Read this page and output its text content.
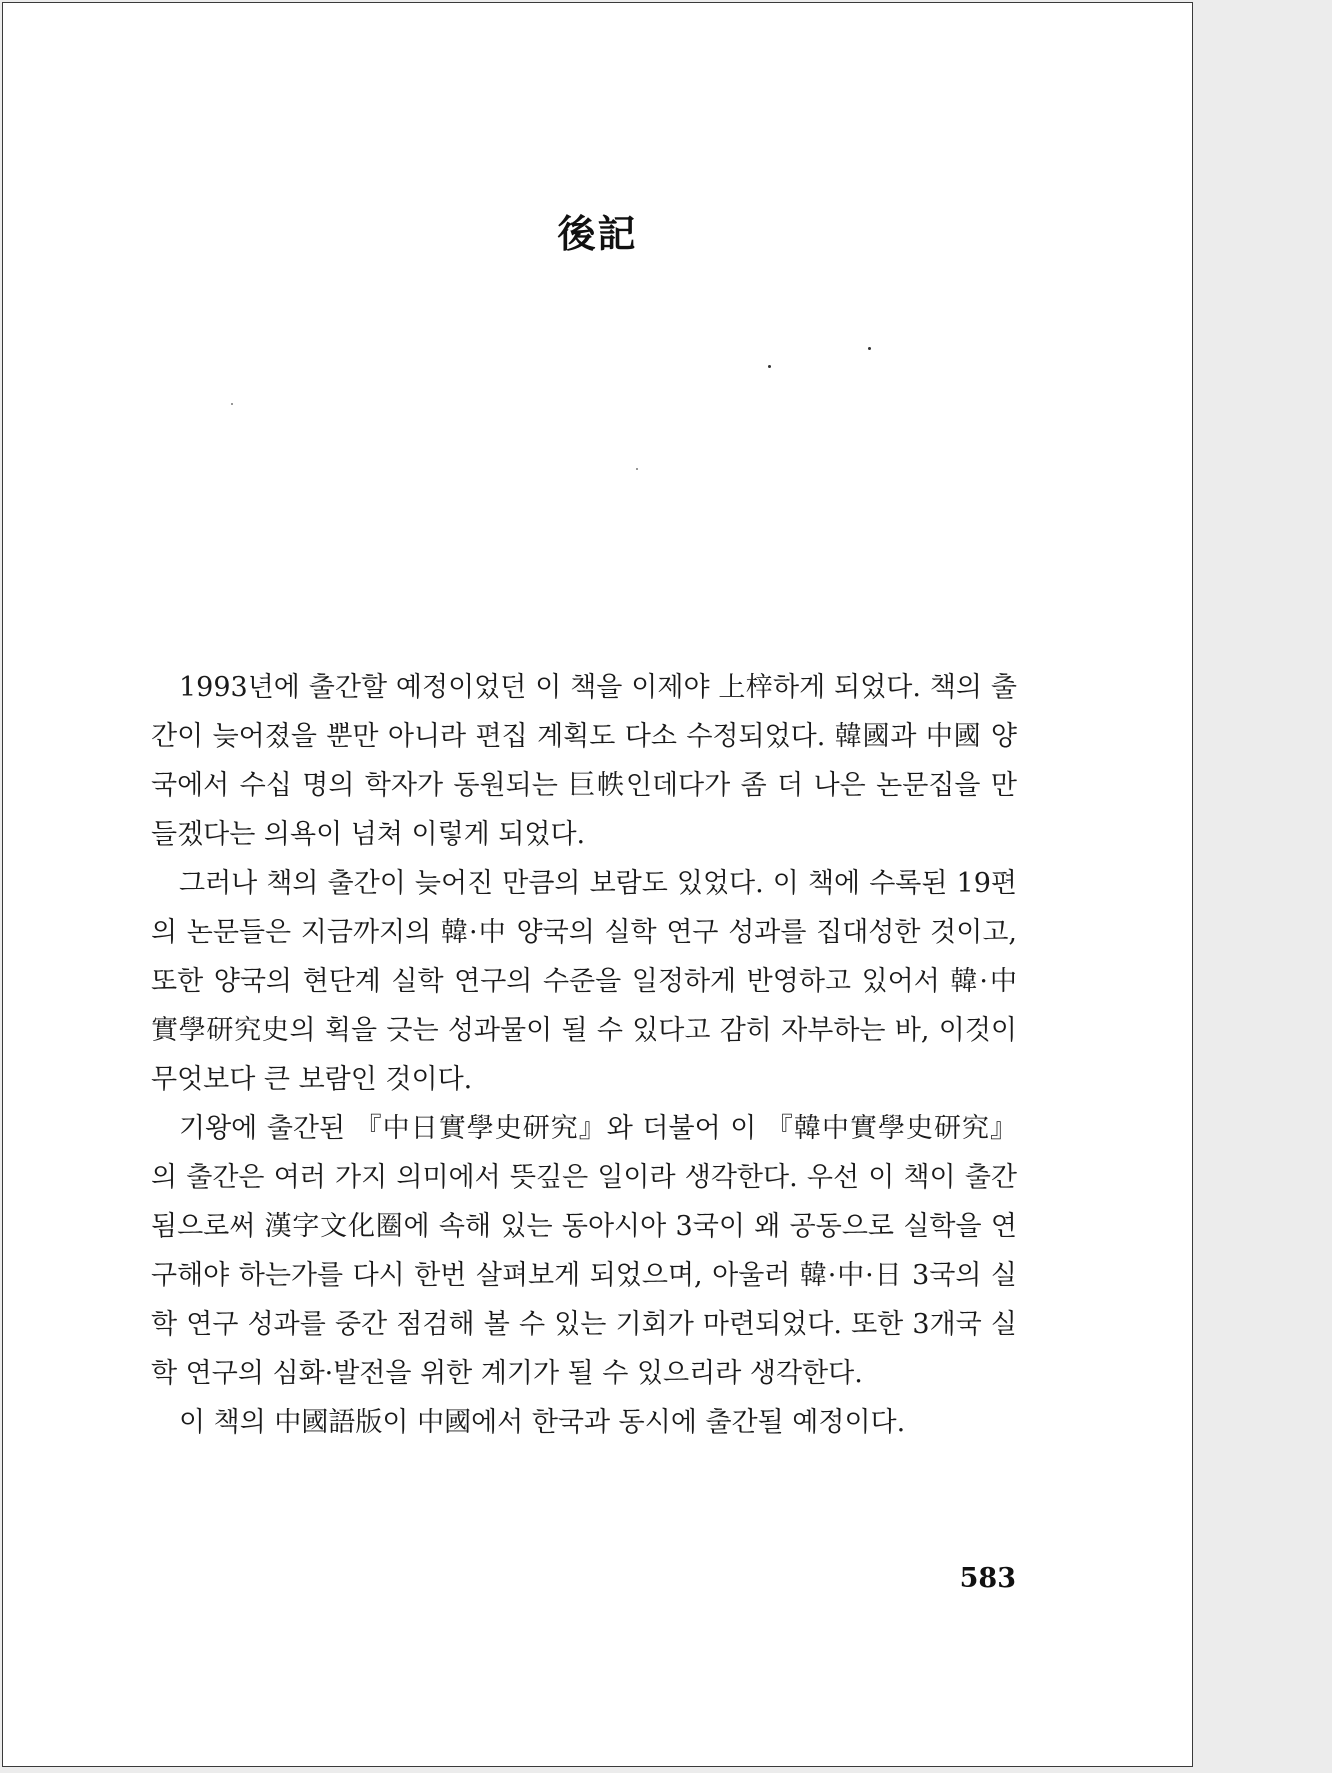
後記

1993년에 출간할 예정이었던 이 책을 이제야 上梓하게 되었다. 책의 출간이 늦어졌을 뿐만 아니라 편집 계획도 다소 수정되었다. 韓國과 中國 양국에서 수십 명의 학자가 동원되는 巨帙인데다가 좀 더 나은 논문집을 만들겠다는 의욕이 넘쳐 이렇게 되었다.

그러나 책의 출간이 늦어진 만큼의 보람도 있었다. 이 책에 수록된 19편의 논문들은 지금까지의 韓·中 양국의 실학 연구 성과를 집대성한 것이고, 또한 양국의 현단계 실학 연구의 수준을 일정하게 반영하고 있어서 韓·中 實學研究史의 획을 긋는 성과물이 될 수 있다고 감히 자부하는 바, 이것이 무엇보다 큰 보람인 것이다.

기왕에 출간된 『中日實學史研究』와 더불어 이 『韓中實學史研究』의 출간은 여러 가지 의미에서 뜻깊은 일이라 생각한다. 우선 이 책이 출간됨으로써 漢字文化圈에 속해 있는 동아시아 3국이 왜 공동으로 실학을 연구해야 하는가를 다시 한번 살펴보게 되었으며, 아울러 韓·中·日 3국의 실학 연구 성과를 중간 점검해 볼 수 있는 기회가 마련되었다. 또한 3개국 실학 연구의 심화·발전을 위한 계기가 될 수 있으리라 생각한다.

이 책의 中國語版이 中國에서 한국과 동시에 출간될 예정이다.

583
